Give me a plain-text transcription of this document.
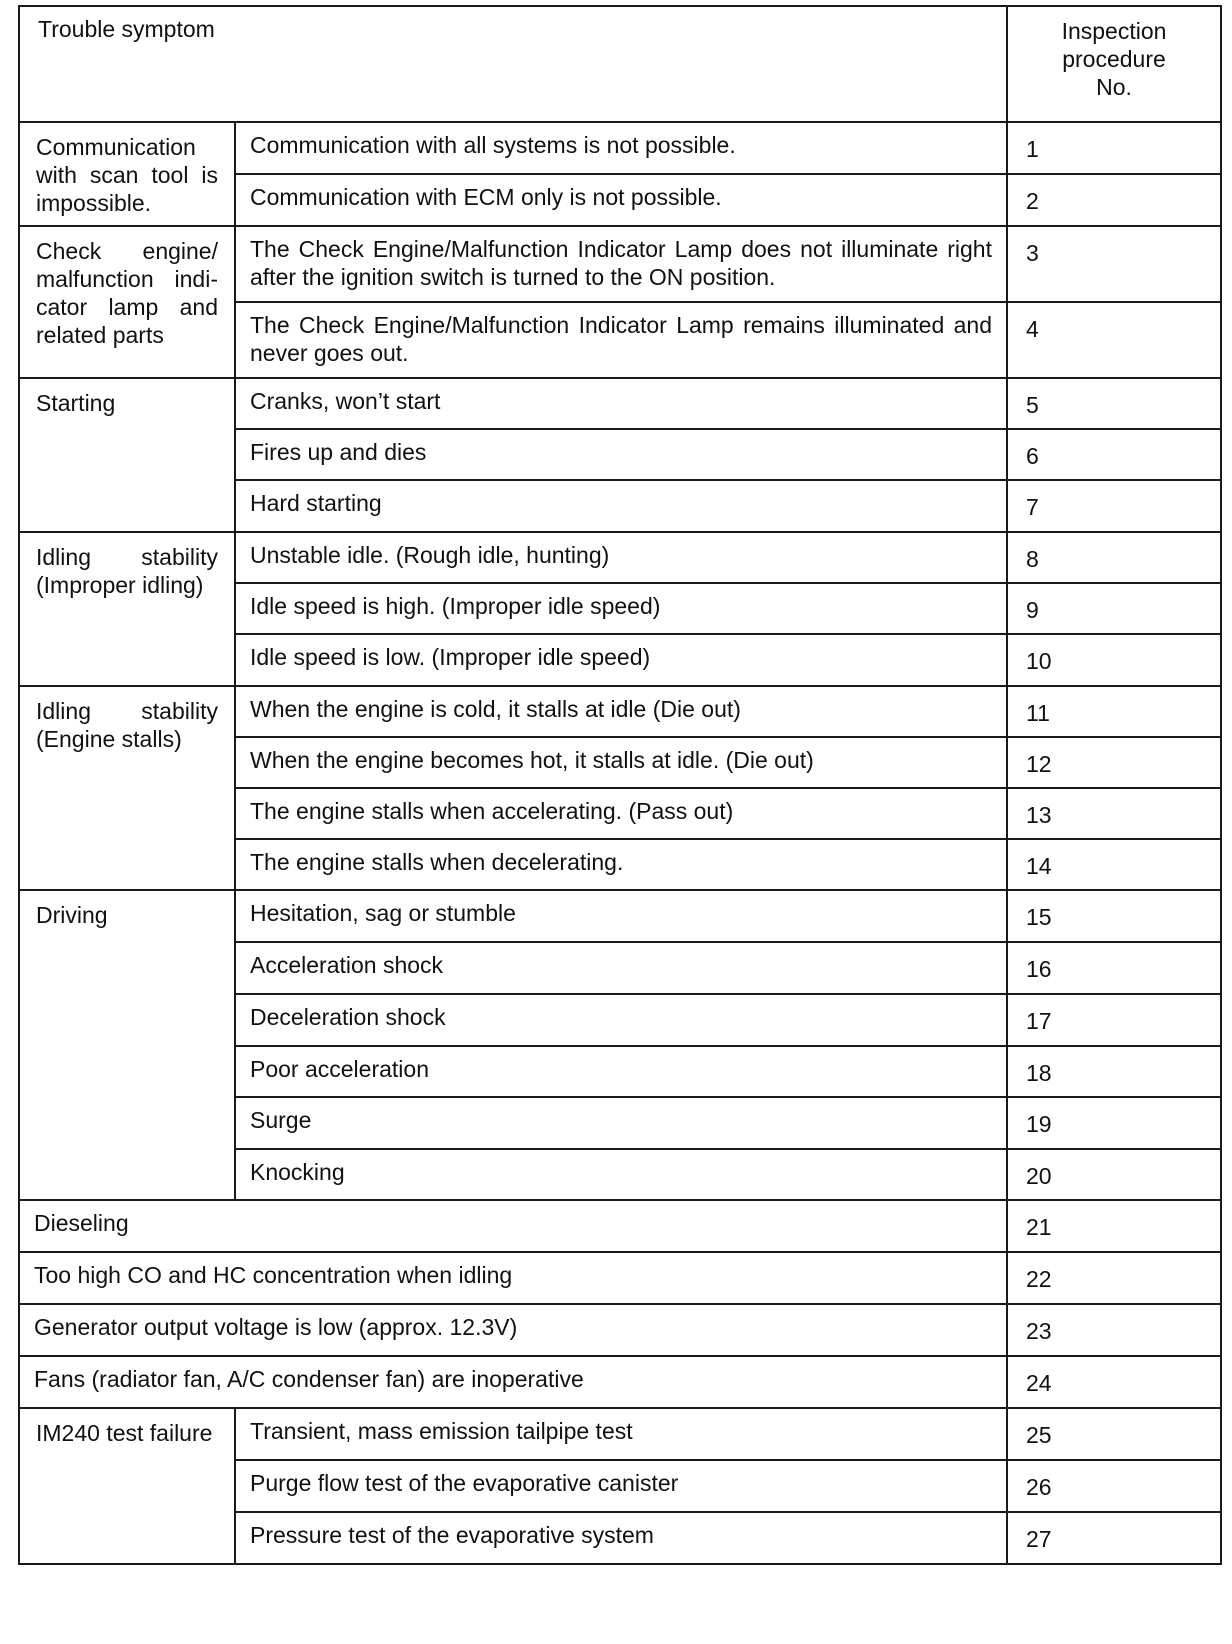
Trouble symptom		Inspection
procedure
No.

Communication with scan tool is impossible.	Communication with all systems is not possible.	1
	Communication with ECM only is not possible.	2
Check engine/ malfunction indicator lamp and related parts	The Check Engine/Malfunction Indicator Lamp does not illuminate right after the ignition switch is turned to the ON position.	3
	The Check Engine/Malfunction Indicator Lamp remains illuminated and never goes out.	4
Starting	Cranks, won’t start	5
	Fires up and dies	6
	Hard starting	7
Idling stability (Improper idling)	Unstable idle. (Rough idle, hunting)	8
	Idle speed is high. (Improper idle speed)	9
	Idle speed is low. (Improper idle speed)	10
Idling stability (Engine stalls)	When the engine is cold, it stalls at idle (Die out)	11
	When the engine becomes hot, it stalls at idle. (Die out)	12
	The engine stalls when accelerating. (Pass out)	13
	The engine stalls when decelerating.	14
Driving	Hesitation, sag or stumble	15
	Acceleration shock	16
	Deceleration shock	17
	Poor acceleration	18
	Surge	19
	Knocking	20
Dieseling		21
Too high CO and HC concentration when idling		22
Generator output voltage is low (approx. 12.3V)		23
Fans (radiator fan, A/C condenser fan) are inoperative		24
IM240 test failure	Transient, mass emission tailpipe test	25
	Purge flow test of the evaporative canister	26
	Pressure test of the evaporative system	27
